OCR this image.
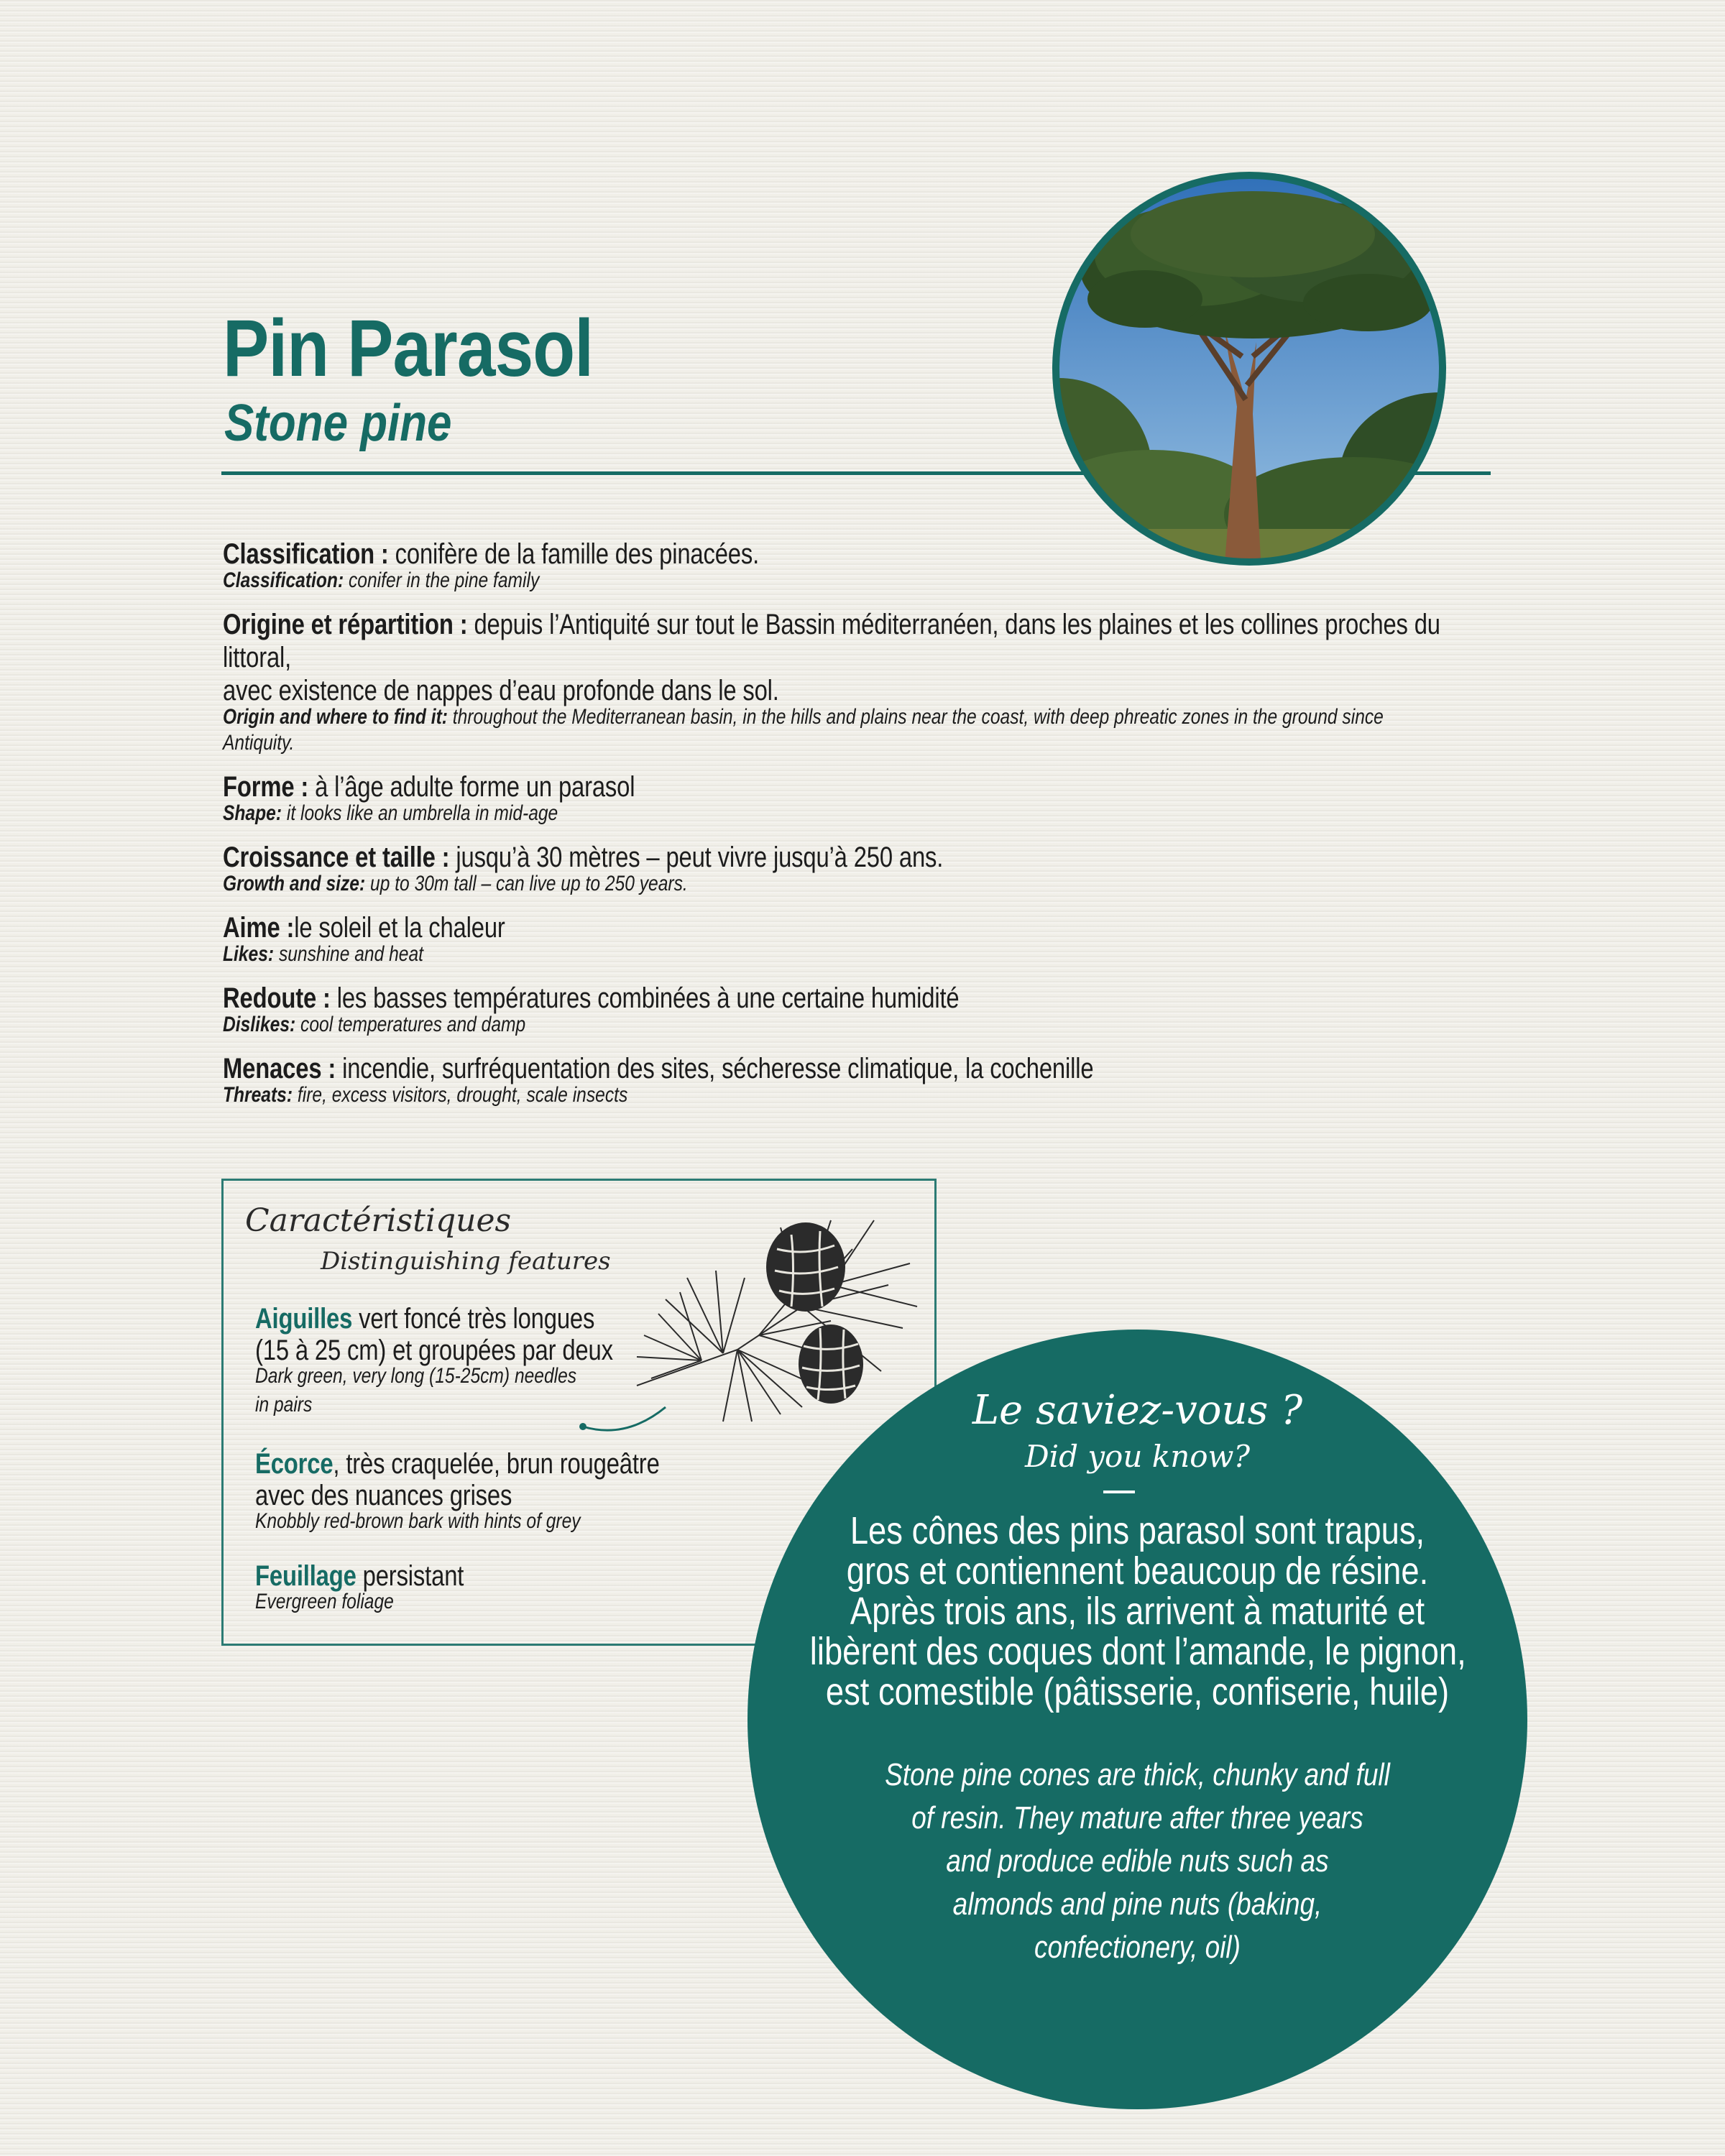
Pin Parasol
Stone pine
Classification : conifère de la famille des pinacées.
Classification: conifer in the pine family
Origine et répartition : depuis l’Antiquité sur tout le Bassin méditerranéen, dans les plaines et les collines proches du littoral,
avec existence de nappes d’eau profonde dans le sol.
Origin and where to find it: throughout the Mediterranean basin, in the hills and plains near the coast, with deep phreatic zones in the ground since
Antiquity.
Forme : à l’âge adulte forme un parasol
Shape: it looks like an umbrella in mid-age
Croissance et taille : jusqu’à 30 mètres – peut vivre jusqu’à 250 ans.
Growth and size: up to 30m tall – can live up to 250 years.
Aime :le soleil et la chaleur
Likes: sunshine and heat
Redoute : les basses températures combinées à une certaine humidité
Dislikes: cool temperatures and damp
Menaces : incendie, surfréquentation des sites, sécheresse climatique, la cochenille
Threats: fire, excess visitors, drought, scale insects
Caractéristiques
Distinguishing features
Aiguilles vert foncé très longues
(15 à 25 cm) et groupées par deux
Dark green, very long (15-25cm) needles
in pairs
Écorce, très craquelée, brun rougeâtre
avec des nuances grises
Knobbly red-brown bark with hints of grey
Feuillage persistant
Evergreen foliage
Le saviez-vous ?
Did you know?
Les cônes des pins parasol sont trapus,
gros et contiennent beaucoup de résine.
Après trois ans, ils arrivent à maturité et
libèrent des coques dont l’amande, le pignon,
est comestible (pâtisserie, confiserie, huile)
Stone pine cones are thick, chunky and full
of resin. They mature after three years
and produce edible nuts such as
almonds and pine nuts (baking,
confectionery, oil)
